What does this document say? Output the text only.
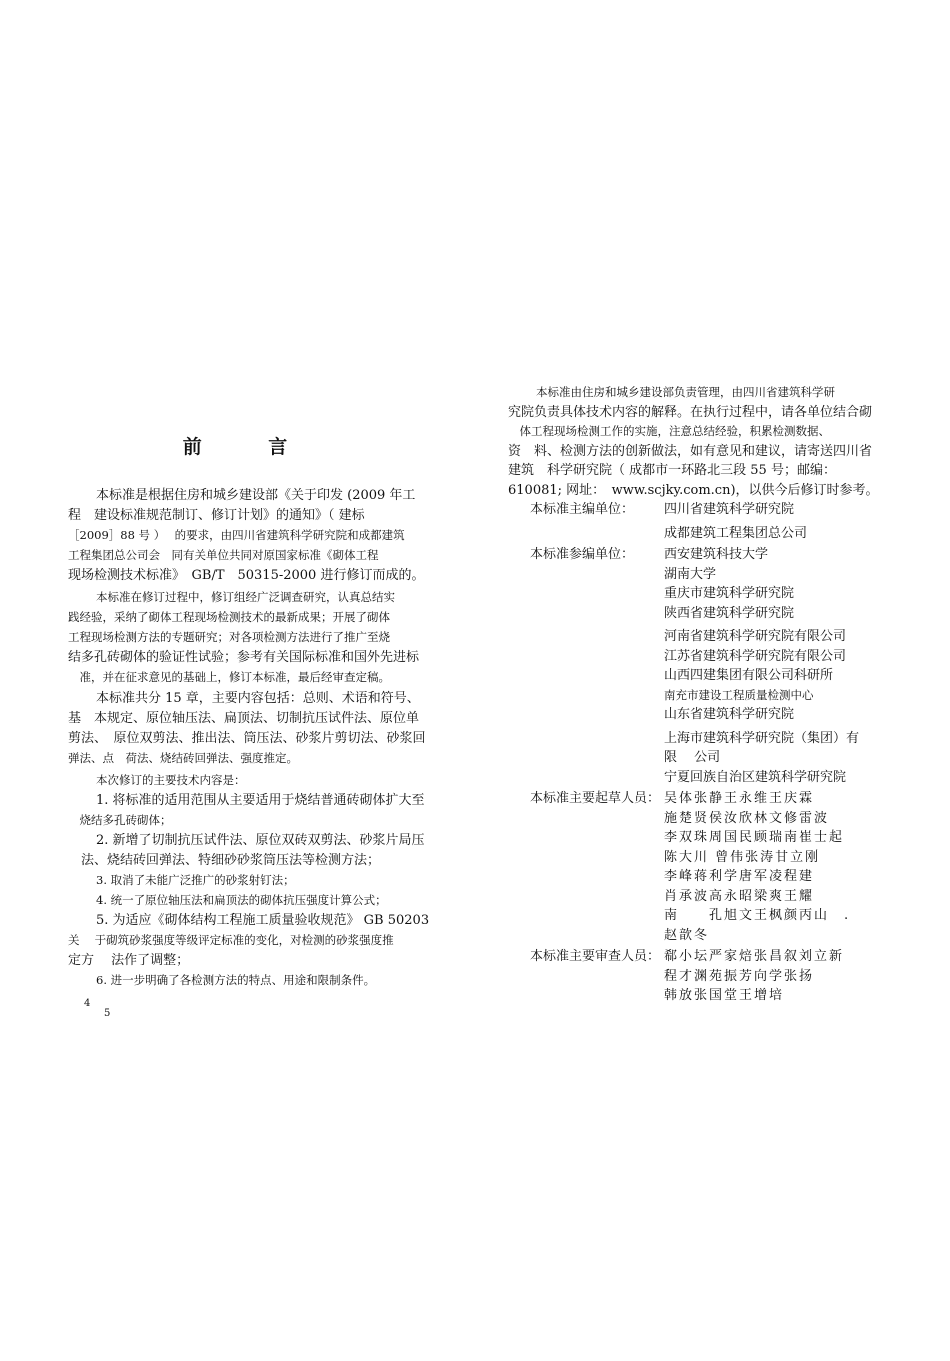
前 言
本标准是根据住房和城乡建设部《关于印发 (2009 年工
程　建设标准规范制订、修订计划》的通知》（ 建标
［2009］88 号 ）　 的要求，由四川省建筑科学研究院和成都建筑
工程集团总公司会　同有关单位共同对原国家标准《砌体工程
现场检测技术标准》　GB/T　50315-2000 进行修订而成的。
本标准在修订过程中，修订组经广泛调查研究，认真总结实
践经验，采纳了砌体工程现场检测技术的最新成果；开展了砌体
工程现场检测方法的专题研究；对各项检测方法进行了推广至烧
结多孔砖砌体的验证性试验；参考有关国际标准和国外先进标
　准，并在征求意见的基础上，修订本标准，最后经审查定稿。
本标准共分 15 章，主要内容包括：总则、术语和符号、
基　本规定、原位轴压法、扁顶法、切制抗压试件法、原位单
剪法、　原位双剪法、推出法、筒压法、砂浆片剪切法、砂浆回
弹法、点　荷法、烧结砖回弹法、强度推定。
本次修订的主要技术内容是：
1. 将标准的适用范围从主要适用于烧结普通砖砌体扩大至
　烧结多孔砖砌体；
2. 新增了切制抗压试件法、原位双砖双剪法、砂浆片局压
　法、烧结砖回弹法、特细砂砂浆筒压法等检测方法；
3. 取消了未能广泛推广的砂浆射钉法；
4. 统一了原位轴压法和扁顶法的砌体抗压强度计算公式；
5. 为适应《砌体结构工程施工质量验收规范》 GB 50203
关　 于砌筑砂浆强度等级评定标准的变化，对检测的砂浆强度推
定方　 法作了调整；
6. 进一步明确了各检测方法的特点、用途和限制条件。
4
5
本标准由住房和城乡建设部负责管理，由四川省建筑科学研
究院负责具体技术内容的解释。在执行过程中，请各单位结合砌
　体工程现场检测工作的实施，注意总结经验，积累检测数据、
资　料、检测方法的创新做法，如有意见和建议，请寄送四川省
建筑　科学研究院（ 成都市一环路北三段 55 号；邮编：
610081; 网址：　www.scjky.com.cn)，以供今后修订时参考。
本标准主编单位：	四川省建筑科学研究院
成都建筑工程集团总公司
本标准参编单位：	西安建筑科技大学
湖南大学
重庆市建筑科学研究院
陕西省建筑科学研究院
河南省建筑科学研究院有限公司
江苏省建筑科学研究院有限公司
山西四建集团有限公司科研所
南充市建设工程质量检测中心
山东省建筑科学研究院
上海市建筑科学研究院（集团）有
限　 公司
宁夏回族自治区建筑科学研究院
本标准主要起草人员： 吴体张静王永维王庆霖
施楚贤侯汝欣林文修雷波
李双珠周国民顾瑞南崔士起
陈大川 曾伟张涛甘立刚
李峰蒋利学唐军凌程建
肖承波高永昭梁爽王耀
南　　孔旭文王枫颜丙山　.
赵歆冬
本标准主要审查人员： 郗小坛严家焙张昌叙刘立新
程才渊苑振芳向学张扬
韩放张国堂王增培
